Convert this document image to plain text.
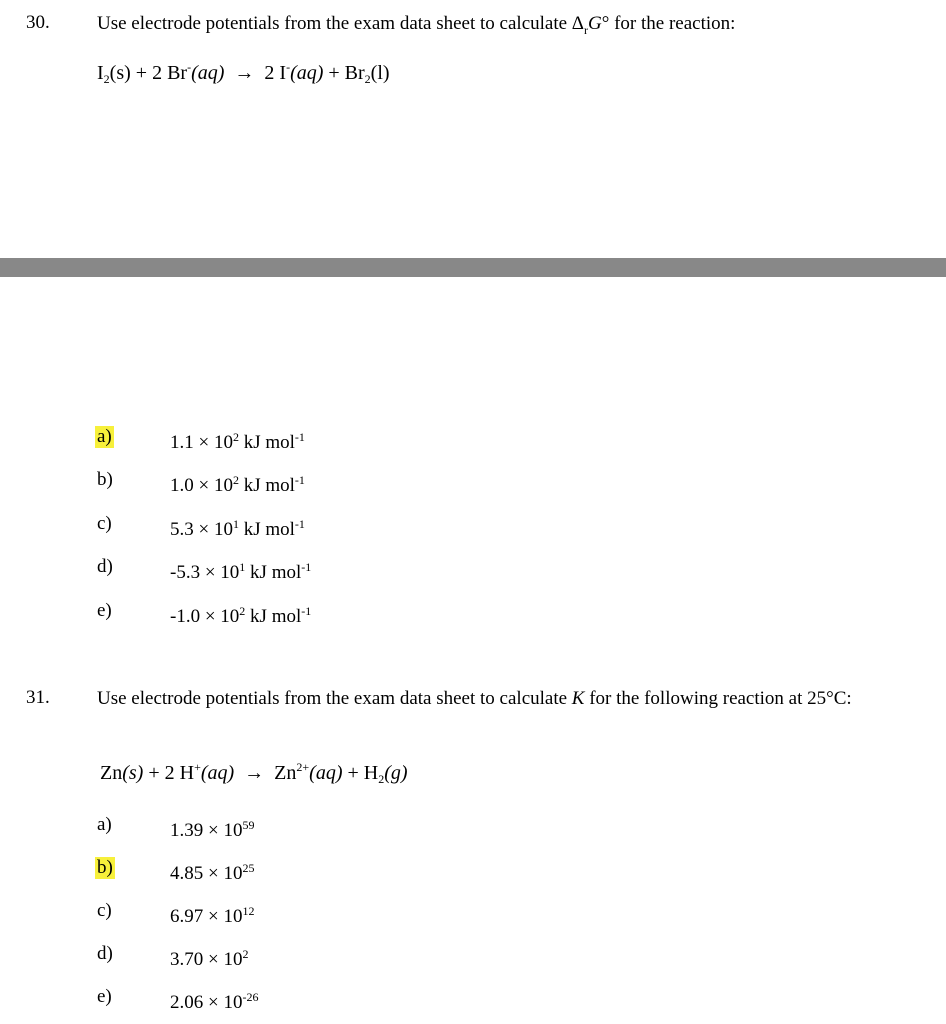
30. Use electrode potentials from the exam data sheet to calculate $\Delta_rG^\circ$ for the reaction:
$I_2(s) + 2$ Br-(aq) → 2 $I^-(aq) + Br_2(l)$
a)	$1.1 \times 10^2$ kJ mol$^{-1}$
b)	$1.0 \times 10^2$ kJ mol$^{-1}$
c)	$5.3 \times 10^1$ kJ mol$^{-1}$
d)	$-5.3 \times 10^1$ kJ mol$^{-1}$
e)	$-1.0 \times 10^2$ kJ mol$^{-1}$
31. Use electrode potentials from the exam data sheet to calculate K for the following reaction at 25°C:
Zn(s) + 2 $H^+(aq) \to Zn^{2+}(aq) + H_2(g)$
a)	$1.39 \times 10^{59}$
b)	$4.85 \times 10^{25}$
c)	$6.97 \times 10^{12}$
d)	$3.70 \times 10^2$
e)	$2.06 \times 10^{-26}$
